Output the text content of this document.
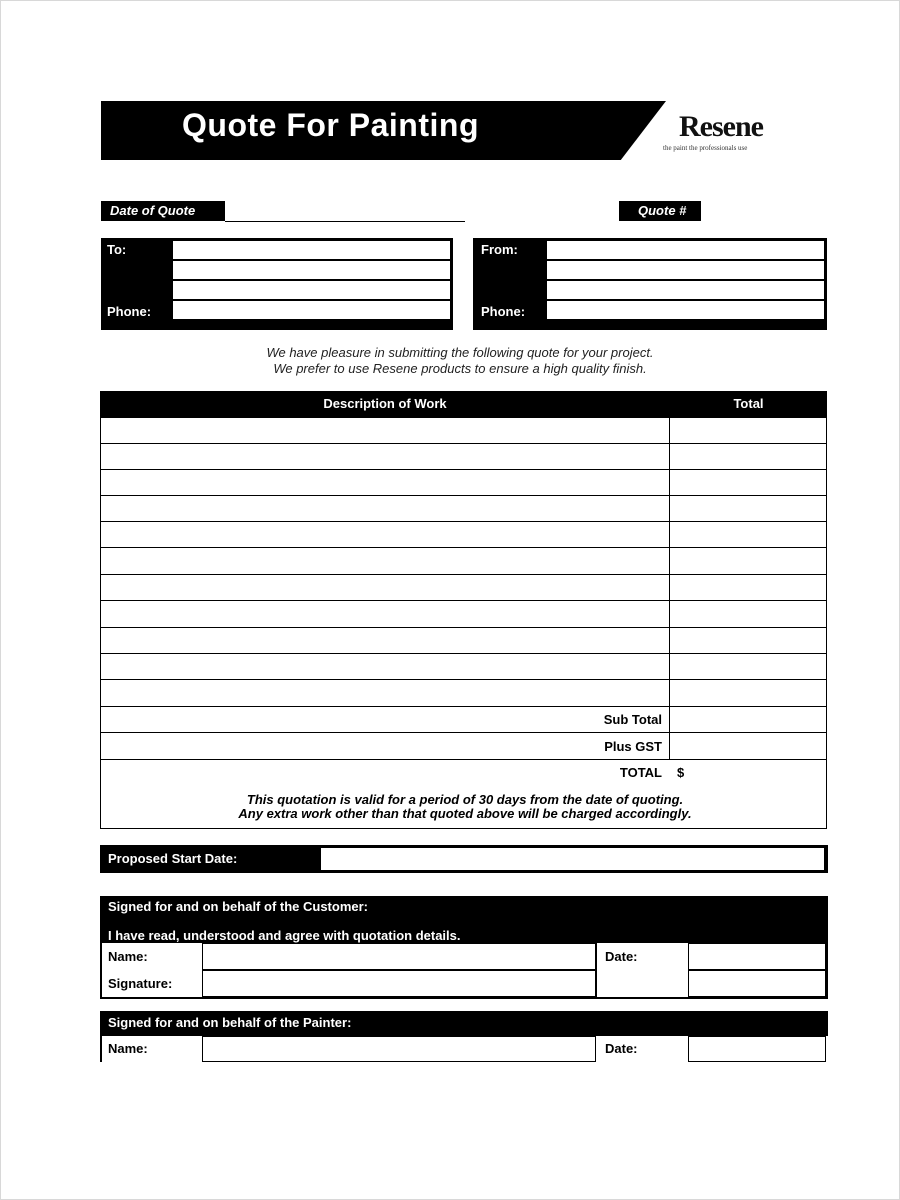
Quote For Painting	Resene
the paint the professionals use
Date of Quote	Quote #
To:
Phone:
From:
Phone:
We have pleasure in submitting the following quote for your project.
We prefer to use Resene products to ensure a high quality finish.
Description of Work	Total
Sub Total
Plus GST
TOTAL $
This quotation is valid for a period of 30 days from the date of quoting.
Any extra work other than that quoted above will be charged accordingly.
Proposed Start Date:
Signed for and on behalf of the Customer:
I have read, understood and agree with quotation details.
Name:
Signature:
Date:
Signed for and on behalf of the Painter:
Name:	Date:
